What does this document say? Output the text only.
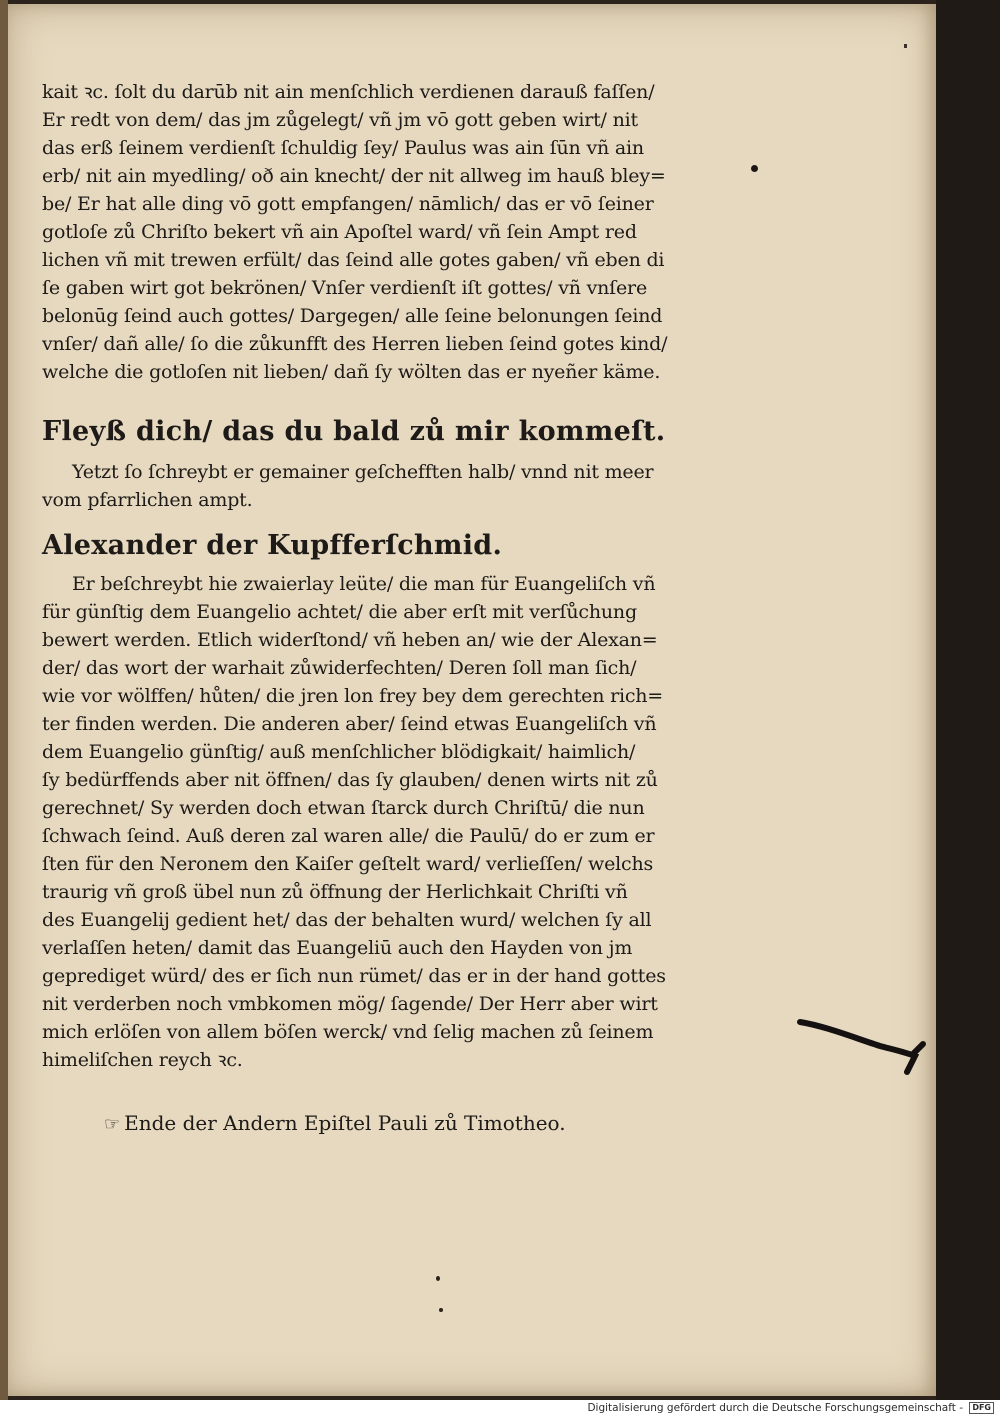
kait ꝛc. ſolt du darūb nit ain menſchlich verdienen darauß faſſen/
Er redt von dem/ das jm zůgelegt/ vñ jm vō gott geben wirt/ nit
das erß ſeinem verdienſt ſchuldig ſey/ Paulus was ain ſūn vñ ain
erb/ nit ain myedling/ oð ain knecht/ der nit allweg im hauß bley=
be/ Er hat alle ding vō gott empfangen/ nāmlich/ das er vō ſeiner
gotloſe zů Chriſto bekert vñ ain Apoſtel ward/ vñ ſein Ampt red
lichen vñ mit trewen erfült/ das ſeind alle gotes gaben/ vñ eben di
ſe gaben wirt got bekrönen/ Vnſer verdienſt iſt gottes/ vñ vnſere
belonūg ſeind auch gottes/ Dargegen/ alle ſeine belonungen ſeind
vnſer/ dañ alle/ ſo die zůkunfft des Herren lieben ſeind gotes kind/
welche die gotloſen nit lieben/ dañ ſy wölten das er nyeñer käme.
Fleyß dich/ das du bald zů mir kommeſt.
Yetzt ſo ſchreybt er gemainer geſchefften halb/ vnnd nit meer
vom pfarrlichen ampt.
Alexander der Kupfferſchmid.
Er beſchreybt hie zwaierlay leüte/ die man für Euangeliſch vñ
für günſtig dem Euangelio achtet/ die aber erſt mit verſůchung
bewert werden. Etlich widerſtond/ vñ heben an/ wie der Alexan=
der/ das wort der warhait zůwiderfechten/ Deren ſoll man ſich/
wie vor wölffen/ hůten/ die jren lon frey bey dem gerechten rich=
ter finden werden. Die anderen aber/ ſeind etwas Euangeliſch vñ
dem Euangelio günſtig/ auß menſchlicher blödigkait/ haimlich/
ſy bedürffends aber nit öffnen/ das ſy glauben/ denen wirts nit zů
gerechnet/ Sy werden doch etwan ſtarck durch Chriſtū/ die nun
ſchwach ſeind. Auß deren zal waren alle/ die Paulū/ do er zum er
ſten für den Neronem den Kaiſer geſtelt ward/ verlieſſen/ welchs
traurig vñ groß übel nun zů öffnung der Herlichkait Chriſti vñ
des Euangelij gedient het/ das der behalten wurd/ welchen ſy all
verlaſſen heten/ damit das Euangeliū auch den Hayden von jm
geprediget würd/ des er ſich nun rümet/ das er in der hand gottes
nit verderben noch vmbkomen mög/ ſagende/ Der Herr aber wirt
mich erlöſen von allem böſen werck/ vnd ſelig machen zů ſeinem
himeliſchen reych ꝛc.
☞ Ende der Andern Epiſtel Pauli zů Timotheo.
Digitalisierung gefördert durch die Deutsche Forschungsgemeinschaft - DFG
